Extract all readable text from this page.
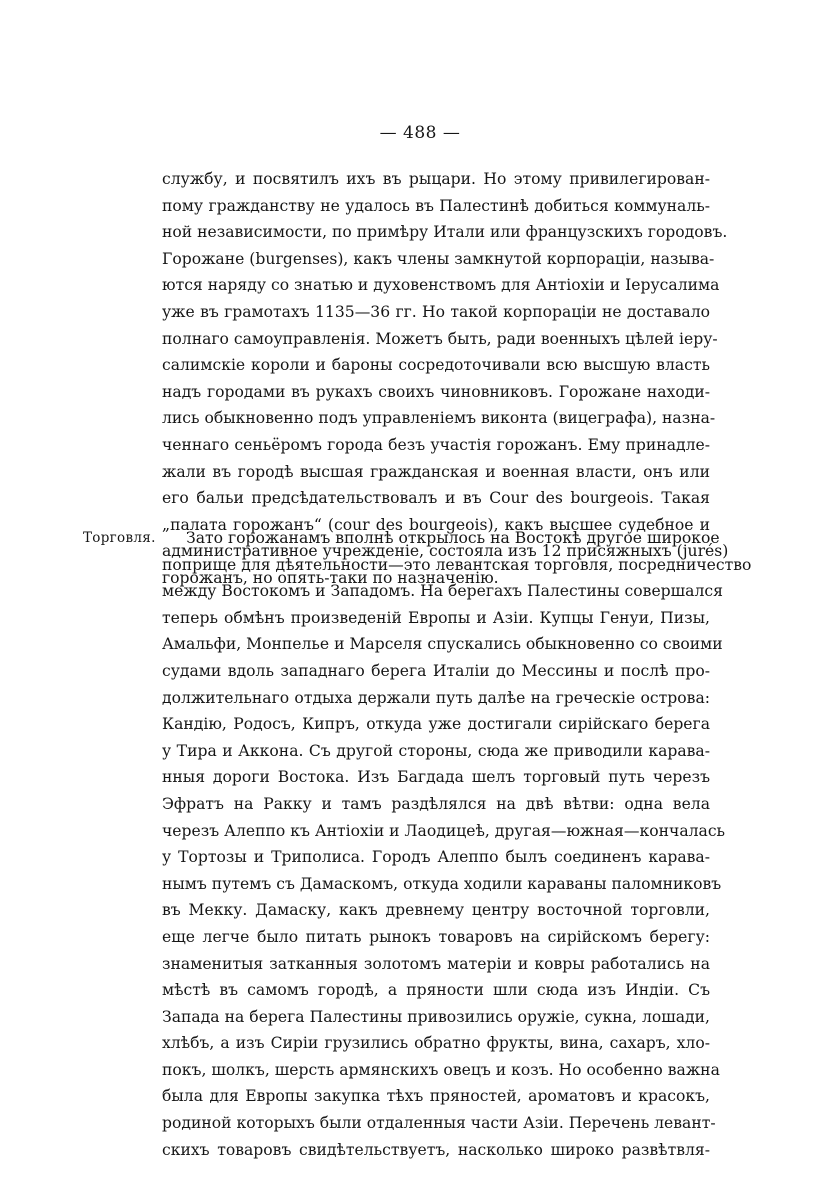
— 488 —
службу, и посвятилъ ихъ въ рыцари. Но этому привилегирован-
пому гражданству не удалось въ Палестинѣ добиться коммуналь-
ной независимости, по примѣру Итали или французскихъ городовъ.
Горожане (burgenses), какъ члены замкнутой корпораціи, называ-
ются наряду со знатью и духовенствомъ для Антіохіи и Іерусалима
уже въ грамотахъ 1135—36 гг. Но такой корпораціи не доставало
полнаго самоуправленія. Можетъ быть, ради военныхъ цѣлей іеру-
салимскіе короли и бароны сосредоточивали всю высшую власть
надъ городами въ рукахъ своихъ чиновниковъ. Горожане находи-
лись обыкновенно подъ управленіемъ виконта (вицеграфа), назна-
ченнаго сеньёромъ города безъ участія горожанъ. Ему принадле-
жали въ городѣ высшая гражданская и военная власти, онъ или
его бальи предсѣдательствовалъ и въ Cour des bourgeois. Такая
„палата горожанъ“ (cour des bourgeois), какъ высшее судебное и
административное учрежденіе, состояла изъ 12 присяжныхъ (jurés)
горожанъ, но опять-таки по назначенію.
Торговля.	Зато горожанамъ вполнѣ открылось на Востокѣ другое широкое
поприще для дѣятельности—это левантская торговля, посредничество
между Востокомъ и Западомъ. На берегахъ Палестины совершался
теперь обмѣнъ произведеній Европы и Азіи. Купцы Генуи, Пизы,
Амальфи, Монпелье и Марселя спускались обыкновенно со своими
судами вдоль западнаго берега Италіи до Мессины и послѣ про-
должительнаго отдыха держали путь далѣе на греческіе острова:
Кандію, Родосъ, Кипръ, откуда уже достигали сирійскаго берега
у Тира и Аккона. Съ другой стороны, сюда же приводили карава-
нныя дороги Востока. Изъ Багдада шелъ торговый путь черезъ
Эфратъ на Ракку и тамъ раздѣлялся на двѣ вѣтви: одна вела
черезъ Алеппо къ Антіохіи и Лаодицеѣ, другая—южная—кончалась
у Тортозы и Триполиса. Городъ Алеппо былъ соединенъ карава-
нымъ путемъ съ Дамаскомъ, откуда ходили караваны паломниковъ
въ Мекку. Дамаску, какъ древнему центру восточной торговли,
еще легче было питать рынокъ товаровъ на сирійскомъ берегу:
знаменитыя затканныя золотомъ матеріи и ковры работались на
мѣстѣ въ самомъ городѣ, а пряности шли сюда изъ Индіи. Съ
Запада на берега Палестины привозились оружіе, сукна, лошади,
хлѣбъ, а изъ Сиріи грузились обратно фрукты, вина, сахаръ, хло-
покъ, шолкъ, шерсть армянскихъ овецъ и козъ. Но особенно важна
была для Европы закупка тѣхъ пряностей, ароматовъ и красокъ,
родиной которыхъ были отдаленныя части Азіи. Перечень левант-
скихъ товаровъ свидѣтельствуетъ, насколько широко развѣтвля-
